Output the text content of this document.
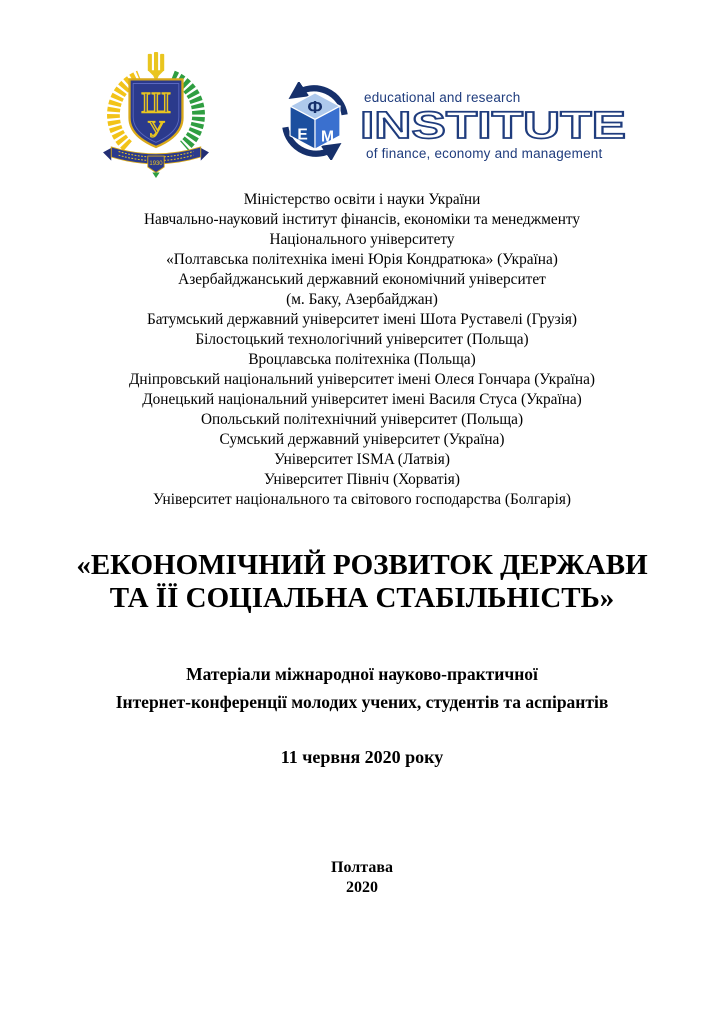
Ш
У
1930
Ф
Е М
educational and research
INSTITUTE
of finance, economy and management
Міністерство освіти і науки України
Навчально-науковий інститут фінансів, економіки та менеджменту
Національного університету
«Полтавська політехніка імені Юрія Кондратюка» (Україна)
Азербайджанський державний економічний університет
(м. Баку, Азербайджан)
Батумський державний університет імені Шота Руставелі (Грузія)
Білостоцький технологічний університет (Польща)
Вроцлавська політехніка (Польща)
Дніпровський національний університет імені Олеся Гончара (Україна)
Донецький національний університет імені Василя Стуса (Україна)
Опольський політехнічний університет (Польща)
Сумський державний університет (Україна)
Університет ISMA (Латвія)
Університет Північ (Хорватія)
Університет національного та світового господарства (Болгарія)
«ЕКОНОМІЧНИЙ РОЗВИТОК ДЕРЖАВИ
ТА ЇЇ СОЦІАЛЬНА СТАБІЛЬНІСТЬ»
Матеріали міжнародної науково-практичної
Інтернет-конференції молодих учених, студентів та аспірантів
11 червня 2020 року
Полтава
2020
